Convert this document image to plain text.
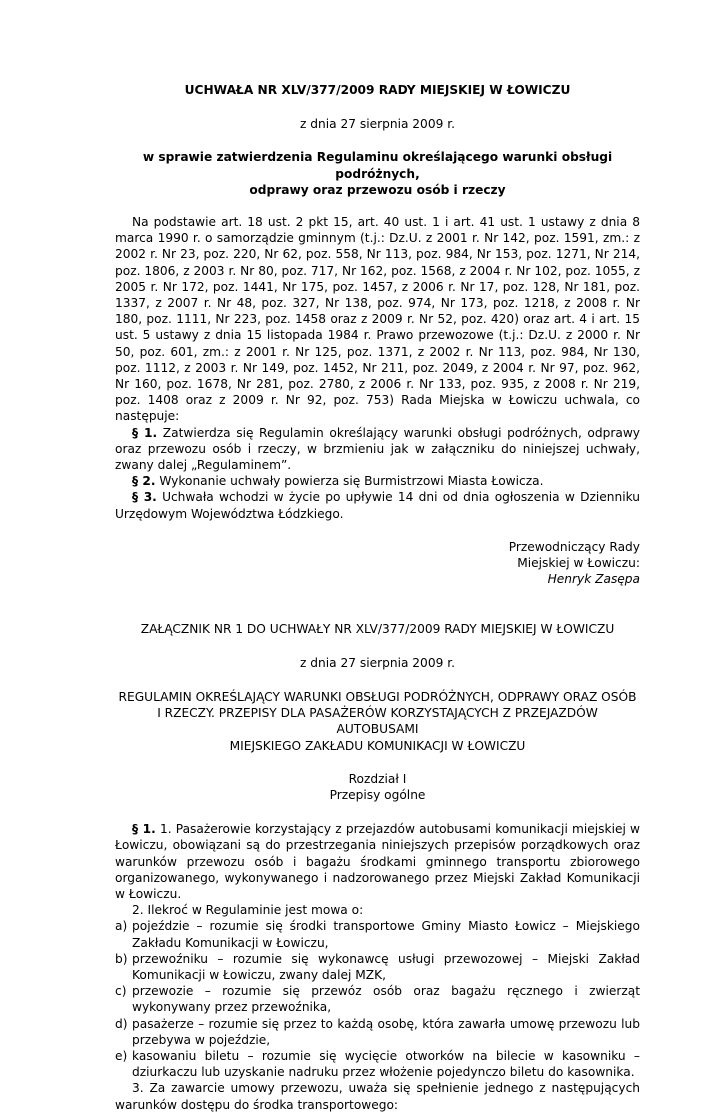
UCHWAŁA NR XLV/377/2009 RADY MIEJSKIEJ W ŁOWICZU
z dnia 27 sierpnia 2009 r.
w sprawie zatwierdzenia Regulaminu określającego warunki obsługi podróżnych,
odprawy oraz przewozu osób i rzeczy
Na podstawie art. 18 ust. 2 pkt 15, art. 40 ust. 1 i art. 41 ust. 1 ustawy z dnia 8 marca 1990 r. o samorządzie gminnym (t.j.: Dz.U. z 2001 r. Nr 142, poz. 1591, zm.: z 2002 r. Nr 23, poz. 220, Nr 62, poz. 558, Nr 113, poz. 984, Nr 153, poz. 1271, Nr 214, poz. 1806, z 2003 r. Nr 80, poz. 717, Nr 162, poz. 1568, z 2004 r. Nr 102, poz. 1055, z 2005 r. Nr 172, poz. 1441, Nr 175, poz. 1457, z 2006 r. Nr 17, poz. 128, Nr 181, poz. 1337, z 2007 r. Nr 48, poz. 327, Nr 138, poz. 974, Nr 173, poz. 1218, z 2008 r. Nr 180, poz. 1111, Nr 223, poz. 1458 oraz z 2009 r. Nr 52, poz. 420) oraz art. 4 i art. 15 ust. 5 ustawy z dnia 15 listopada 1984 r. Prawo przewozowe (t.j.: Dz.U. z 2000 r. Nr 50, poz. 601, zm.: z 2001 r. Nr 125, poz. 1371, z 2002 r. Nr 113, poz. 984, Nr 130, poz. 1112, z 2003 r. Nr 149, poz. 1452, Nr 211, poz. 2049, z 2004 r. Nr 97, poz. 962, Nr 160, poz. 1678, Nr 281, poz. 2780, z 2006 r. Nr 133, poz. 935, z 2008 r. Nr 219, poz. 1408 oraz z 2009 r. Nr 92, poz. 753) Rada Miejska w Łowiczu uchwala, co następuje:
§ 1. Zatwierdza się Regulamin określający warunki obsługi podróżnych, odprawy oraz przewozu osób i rzeczy, w brzmieniu jak w załączniku do niniejszej uchwały, zwany dalej „Regulaminem”.
§ 2. Wykonanie uchwały powierza się Burmistrzowi Miasta Łowicza.
§ 3. Uchwała wchodzi w życie po upływie 14 dni od dnia ogłoszenia w Dzienniku Urzędowym Województwa Łódzkiego.
Przewodniczący Rady
Miejskiej w Łowiczu:
Henryk Zasępa
ZAŁĄCZNIK NR 1 DO UCHWAŁY NR XLV/377/2009 RADY MIEJSKIEJ W ŁOWICZU
z dnia 27 sierpnia 2009 r.
REGULAMIN OKREŚLAJĄCY WARUNKI OBSŁUGI PODRÓŻNYCH, ODPRAWY ORAZ OSÓB
I RZECZY. PRZEPISY DLA PASAŻERÓW KORZYSTAJĄCYCH Z PRZEJAZDÓW AUTOBUSAMI
MIEJSKIEGO ZAKŁADU KOMUNIKACJI W ŁOWICZU
Rozdział I
Przepisy ogólne
§ 1. 1. Pasażerowie korzystający z przejazdów autobusami komunikacji miejskiej w Łowiczu, obowiązani są do przestrzegania niniejszych przepisów porządkowych oraz warunków przewozu osób i bagażu środkami gminnego transportu zbiorowego organizowanego, wykonywanego i nadzorowanego przez Miejski Zakład Komunikacji w Łowiczu.
2. Ilekroć w Regulaminie jest mowa o:
a) pojeździe – rozumie się środki transportowe Gminy Miasto Łowicz – Miejskiego Zakładu Komunikacji w Łowiczu,
b) przewoźniku – rozumie się wykonawcę usługi przewozowej – Miejski Zakład Komunikacji w Łowiczu, zwany dalej MZK,
c) przewozie – rozumie się przewóz osób oraz bagażu ręcznego i zwierząt wykonywany przez przewoźnika,
d) pasażerze – rozumie się przez to każdą osobę, która zawarła umowę przewozu lub przebywa w pojeździe,
e) kasowaniu biletu – rozumie się wycięcie otworków na bilecie w kasowniku – dziurkaczu lub uzyskanie nadruku przez włożenie pojedynczo biletu do kasownika.
3. Za zawarcie umowy przewozu, uważa się spełnienie jednego z następujących warunków dostępu do środka transportowego:
